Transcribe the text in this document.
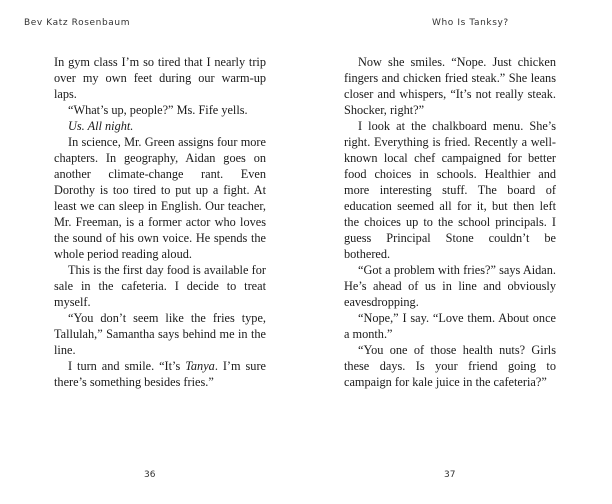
Bev Katz Rosenbaum

In gym class I’m so tired that I nearly trip over my own feet during our warm-up laps.

“What’s up, people?” Ms. Fife yells.

Us. All night.

In science, Mr. Green assigns four more chapters. In geography, Aidan goes on another climate-change rant. Even Dorothy is too tired to put up a fight. At least we can sleep in English. Our teacher, Mr. Freeman, is a former actor who loves the sound of his own voice. He spends the whole period reading aloud.

This is the first day food is available for sale in the cafeteria. I decide to treat myself.

“You don’t seem like the fries type, Tallulah,” Samantha says behind me in the line.

I turn and smile. “It’s Tanya. I’m sure there’s something besides fries.”

36
Who Is Tanksy?
37

Now she smiles. “Nope. Just chicken fingers and chicken fried steak.” She leans closer and whispers, “It’s not really steak. Shocker, right?”

I look at the chalkboard menu. She’s right. Everything is fried. Recently a well-known local chef campaigned for better food choices in schools. Healthier and more interesting stuff. The board of education seemed all for it, but then left the choices up to the school principals. I guess Principal Stone couldn’t be bothered.

“Got a problem with fries?” says Aidan. He’s ahead of us in line and obviously eavesdropping.

“Nope,” I say. “Love them. About once a month.”

“You one of those health nuts? Girls these days. Is your friend going to campaign for kale juice in the cafeteria?”
